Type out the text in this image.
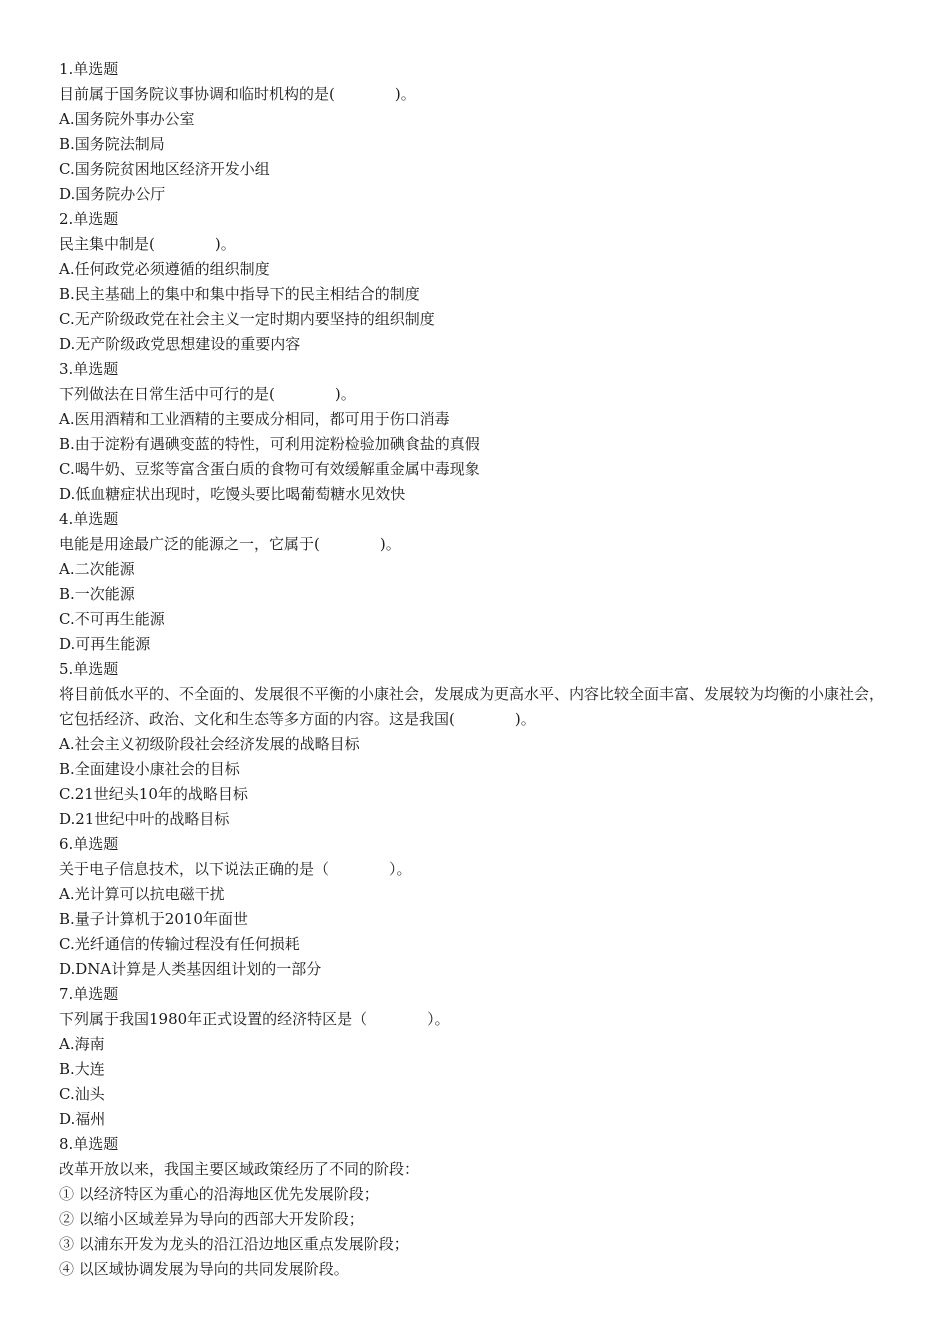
1.单选题
目前属于国务院议事协调和临时机构的是(　　　　)。
A.国务院外事办公室
B.国务院法制局
C.国务院贫困地区经济开发小组
D.国务院办公厅
2.单选题
民主集中制是(　　　　)。
A.任何政党必须遵循的组织制度
B.民主基础上的集中和集中指导下的民主相结合的制度
C.无产阶级政党在社会主义一定时期内要坚持的组织制度
D.无产阶级政党思想建设的重要内容
3.单选题
下列做法在日常生活中可行的是(　　　　)。
A.医用酒精和工业酒精的主要成分相同，都可用于伤口消毒
B.由于淀粉有遇碘变蓝的特性，可利用淀粉检验加碘食盐的真假
C.喝牛奶、豆浆等富含蛋白质的食物可有效缓解重金属中毒现象
D.低血糖症状出现时，吃馒头要比喝葡萄糖水见效快
4.单选题
电能是用途最广泛的能源之一，它属于(　　　　)。
A.二次能源
B.一次能源
C.不可再生能源
D.可再生能源
5.单选题
将目前低水平的、不全面的、发展很不平衡的小康社会，发展成为更高水平、内容比较全面丰富、发展较为均衡的小康社会，它包括经济、政治、文化和生态等多方面的内容。这是我国(　　　　)。
A.社会主义初级阶段社会经济发展的战略目标
B.全面建设小康社会的目标
C.21世纪头10年的战略目标
D.21世纪中叶的战略目标
6.单选题
关于电子信息技术，以下说法正确的是（　　　　）。
A.光计算可以抗电磁干扰
B.量子计算机于2010年面世
C.光纤通信的传输过程没有任何损耗
D.DNA计算是人类基因组计划的一部分
7.单选题
下列属于我国1980年正式设置的经济特区是（　　　　）。
A.海南
B.大连
C.汕头
D.福州
8.单选题
改革开放以来，我国主要区域政策经历了不同的阶段：
① 以经济特区为重心的沿海地区优先发展阶段；
② 以缩小区域差异为导向的西部大开发阶段；
③ 以浦东开发为龙头的沿江沿边地区重点发展阶段；
④ 以区域协调发展为导向的共同发展阶段。
